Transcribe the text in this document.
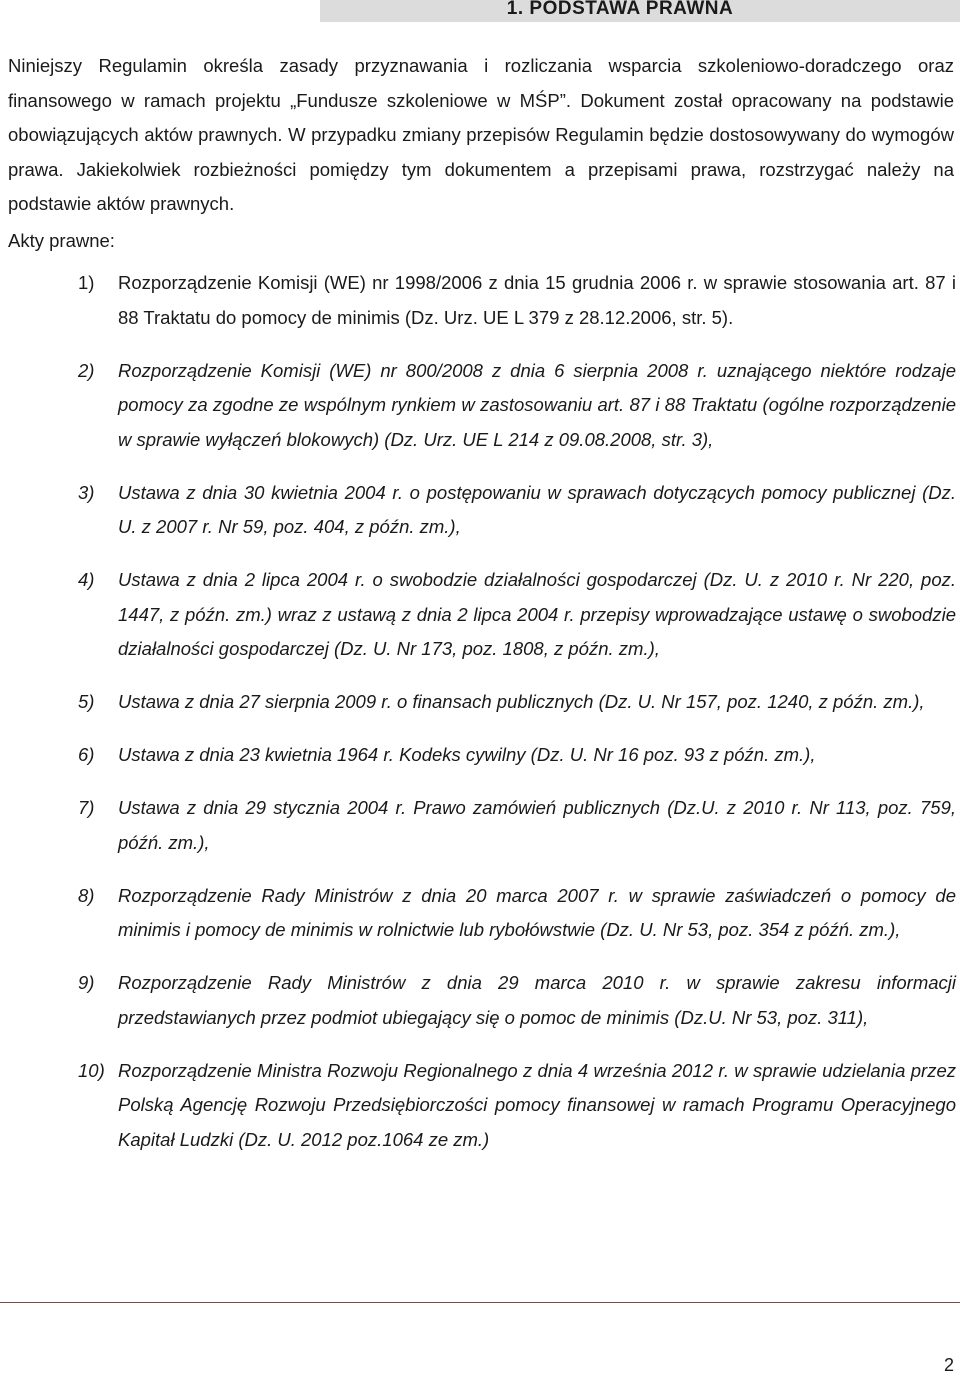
1. PODSTAWA PRAWNA
Niniejszy Regulamin określa zasady przyznawania i rozliczania wsparcia szkoleniowo-doradczego oraz finansowego w ramach projektu „Fundusze szkoleniowe w MŚP”. Dokument został opracowany na podstawie obowiązujących aktów prawnych. W przypadku zmiany przepisów Regulamin będzie dostosowywany do wymogów prawa. Jakiekolwiek rozbieżności pomiędzy tym dokumentem a przepisami prawa, rozstrzygać należy na podstawie aktów prawnych.
Akty prawne:
1) Rozporządzenie Komisji (WE) nr 1998/2006 z dnia 15 grudnia 2006 r. w sprawie stosowania art. 87 i 88 Traktatu do pomocy de minimis (Dz. Urz. UE L 379 z 28.12.2006, str. 5).
2) Rozporządzenie Komisji (WE) nr 800/2008 z dnia 6 sierpnia 2008 r. uznającego niektóre rodzaje pomocy za zgodne ze wspólnym rynkiem w zastosowaniu art. 87 i 88 Traktatu (ogólne rozporządzenie w sprawie wyłączeń blokowych) (Dz. Urz. UE L 214 z 09.08.2008, str. 3),
3) Ustawa z dnia 30 kwietnia 2004 r. o postępowaniu w sprawach dotyczących pomocy publicznej (Dz. U. z 2007 r. Nr 59, poz. 404, z późn. zm.),
4) Ustawa z dnia 2 lipca 2004 r. o swobodzie działalności gospodarczej (Dz. U. z 2010 r. Nr 220, poz. 1447, z późn. zm.) wraz z ustawą z dnia 2 lipca 2004 r. przepisy wprowadzające ustawę o swobodzie działalności gospodarczej (Dz. U. Nr 173, poz. 1808, z późn. zm.),
5) Ustawa z dnia 27 sierpnia 2009 r. o finansach publicznych (Dz. U. Nr 157, poz. 1240, z późn. zm.),
6) Ustawa z dnia 23 kwietnia 1964 r. Kodeks cywilny (Dz. U. Nr 16 poz. 93 z późn. zm.),
7) Ustawa z dnia 29 stycznia 2004 r. Prawo zamówień publicznych (Dz.U. z 2010 r. Nr 113, poz. 759, późń. zm.),
8) Rozporządzenie Rady Ministrów z dnia 20 marca 2007 r. w sprawie zaświadczeń o pomocy de minimis i pomocy de minimis w rolnictwie lub rybołówstwie (Dz. U. Nr 53, poz. 354 z późń. zm.),
9) Rozporządzenie Rady Ministrów z dnia 29 marca 2010 r. w sprawie zakresu informacji przedstawianych przez podmiot ubiegający się o pomoc de minimis (Dz.U. Nr 53, poz. 311),
10) Rozporządzenie Ministra Rozwoju Regionalnego z dnia 4 września 2012 r. w sprawie udzielania przez Polską Agencję Rozwoju Przedsiębiorczości pomocy finansowej w ramach Programu Operacyjnego Kapitał Ludzki (Dz. U. 2012 poz.1064 ze zm.)
2
